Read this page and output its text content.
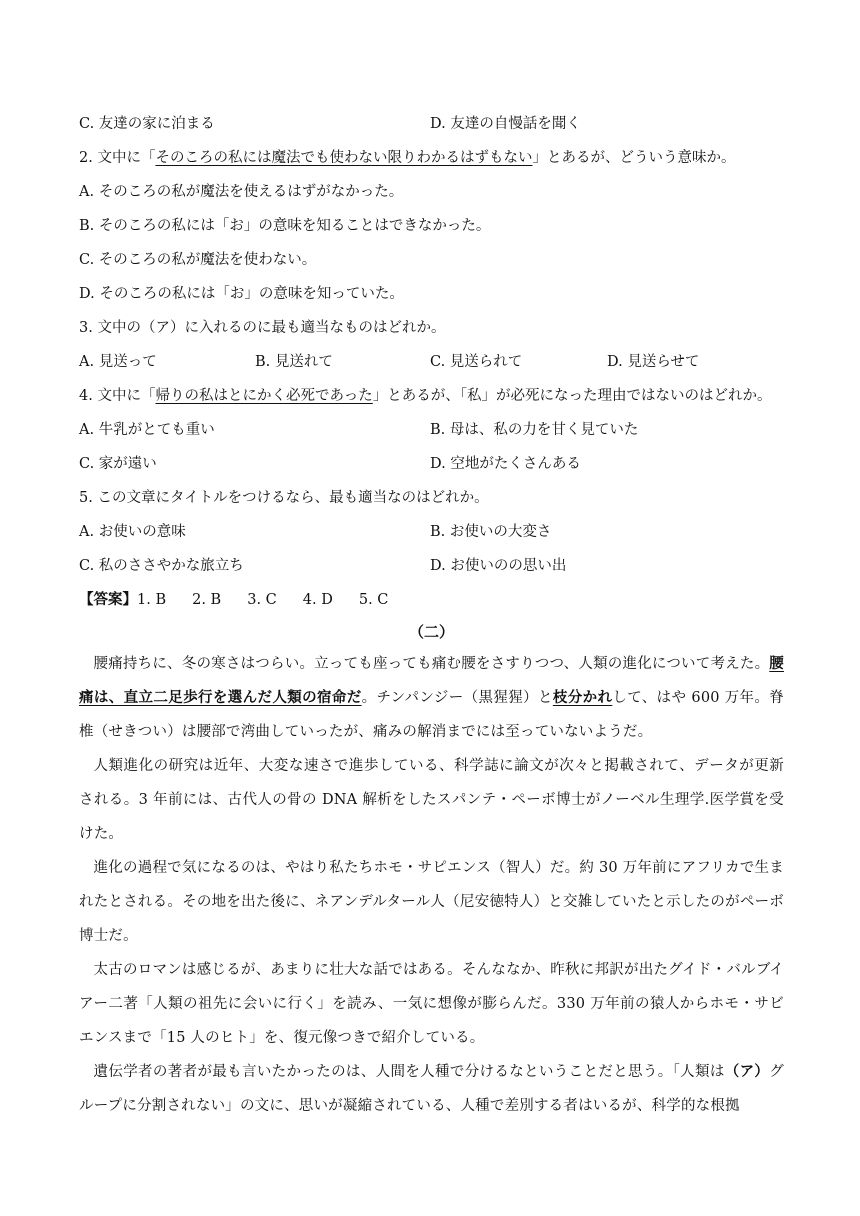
C. 友達の家に泊まる	D. 友達の自慢話を聞く
2. 文中に「そのころの私には魔法でも使わない限りわかるはずもない」とあるが、どういう意味か。
A. そのころの私が魔法を使えるはずがなかった。
B. そのころの私には「お」の意味を知ることはできなかった。
C. そのころの私が魔法を使わない。
D. そのころの私には「お」の意味を知っていた。
3. 文中の（ア）に入れるのに最も適当なものはどれか。
A. 見送って	B. 見送れて	C. 見送られて	D. 見送らせて
4. 文中に「帰りの私はとにかく必死であった」とあるが、「私」が必死になった理由ではないのはどれか。
A. 牛乳がとても重い	B. 母は、私の力を甘く見ていた
C. 家が遠い	D. 空地がたくさんある
5. この文章にタイトルをつけるなら、最も適当なのはどれか。
A. お使いの意味	B. お使いの大変さ
C. 私のささやかな旅立ち	D. お使いのの思い出
【答案】1. B 2. B 3. C 4. D 5. C
（二）

腰痛持ちに、冬の寒さはつらい。立っても座っても痛む腰をさすりつつ、人類の進化について考えた。腰痛は、直立二足歩行を選んだ人類の宿命だ。チンパンジー（黒猩猩）と枝分かれして、はや 600 万年。脊椎（せきつい）は腰部で湾曲していったが、痛みの解消までには至っていないようだ。

人類進化の研究は近年、大変な速さで進歩している、科学誌に論文が次々と掲載されて、データが更新される。3 年前には、古代人の骨の DNA 解析をしたスパンテ・ペーボ博士がノーベル生理学.医学賞を受けた。

進化の過程で気になるのは、やはり私たちホモ・サピエンス（智人）だ。約 30 万年前にアフリカで生まれたとされる。その地を出た後に、ネアンデルタール人（尼安徳特人）と交雑していたと示したのがペーボ博士だ。

太古のロマンは感じるが、あまりに壮大な話ではある。そんななか、昨秋に邦訳が出たグイド・バルブイアー二著「人類の祖先に会いに行く」を読み、一気に想像が膨らんだ。330 万年前の猿人からホモ・サビエンスまで「15 人のヒト」を、復元像つきで紹介している。

遺伝学者の著者が最も言いたかったのは、人間を人種で分けるなということだと思う。「人類は（ア）グループに分割されない」の文に、思いが凝縮されている、人種で差別する者はいるが、科学的な根拠
